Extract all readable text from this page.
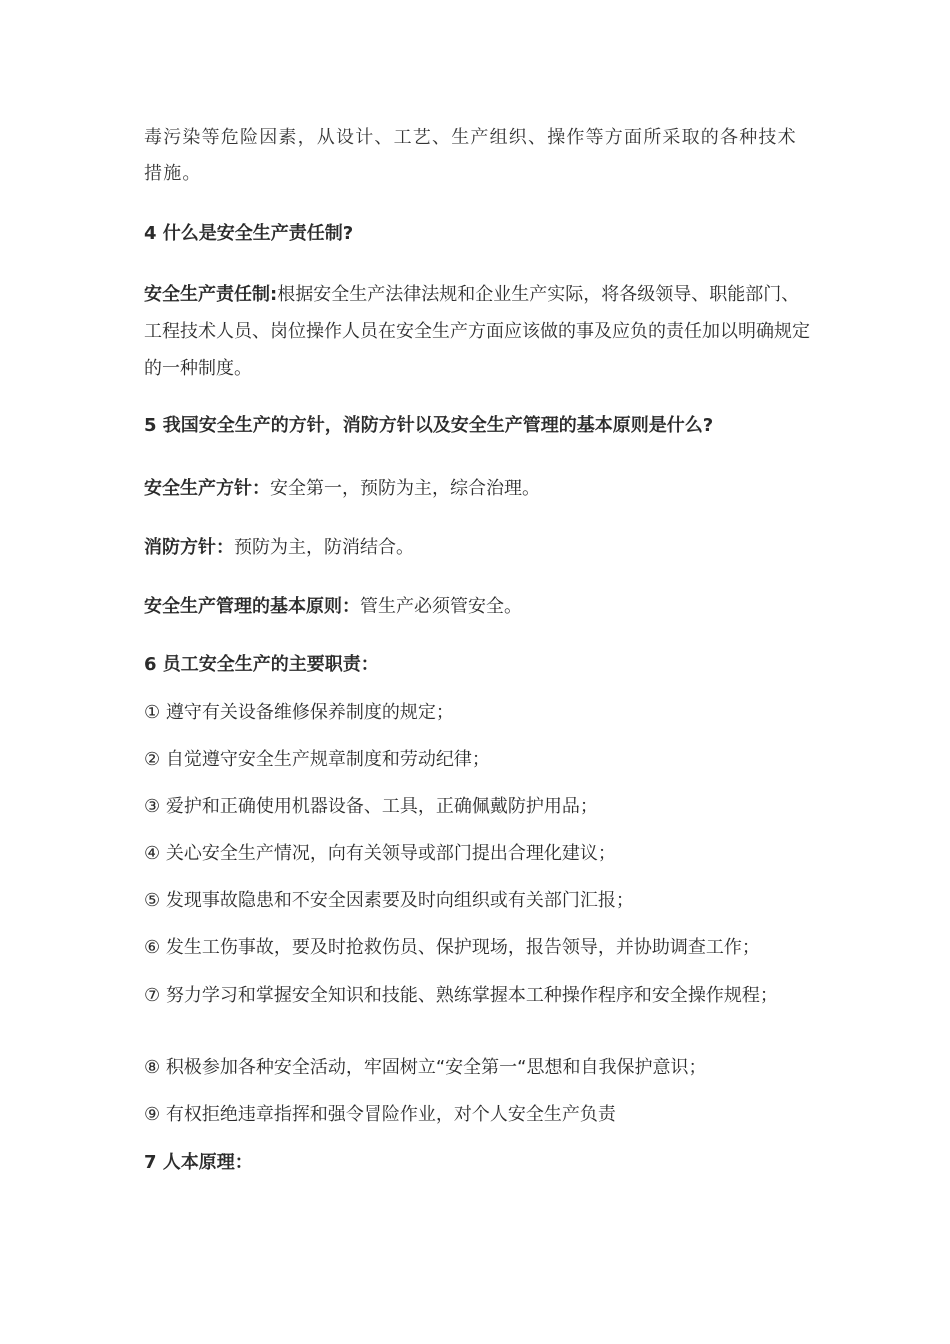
毒污染等危险因素，从设计、工艺、生产组织、操作等方面所采取的各种技术措施。

4 什么是安全生产责任制?

安全生产责任制:根据安全生产法律法规和企业生产实际，将各级领导、职能部门、工程技术人员、岗位操作人员在安全生产方面应该做的事及应负的责任加以明确规定的一种制度。

5 我国安全生产的方针，消防方针以及安全生产管理的基本原则是什么?

安全生产方针：安全第一，预防为主，综合治理。

消防方针：预防为主，防消结合。

安全生产管理的基本原则：管生产必须管安全。

6 员工安全生产的主要职责：

① 遵守有关设备维修保养制度的规定；

② 自觉遵守安全生产规章制度和劳动纪律；

③ 爱护和正确使用机器设备、工具，正确佩戴防护用品；

④ 关心安全生产情况，向有关领导或部门提出合理化建议；

⑤ 发现事故隐患和不安全因素要及时向组织或有关部门汇报；

⑥ 发生工伤事故，要及时抢救伤员、保护现场，报告领导，并协助调查工作；

⑦ 努力学习和掌握安全知识和技能、熟练掌握本工种操作程序和安全操作规程；

⑧ 积极参加各种安全活动，牢固树立“安全第一“思想和自我保护意识；

⑨ 有权拒绝违章指挥和强令冒险作业，对个人安全生产负责

7 人本原理：
